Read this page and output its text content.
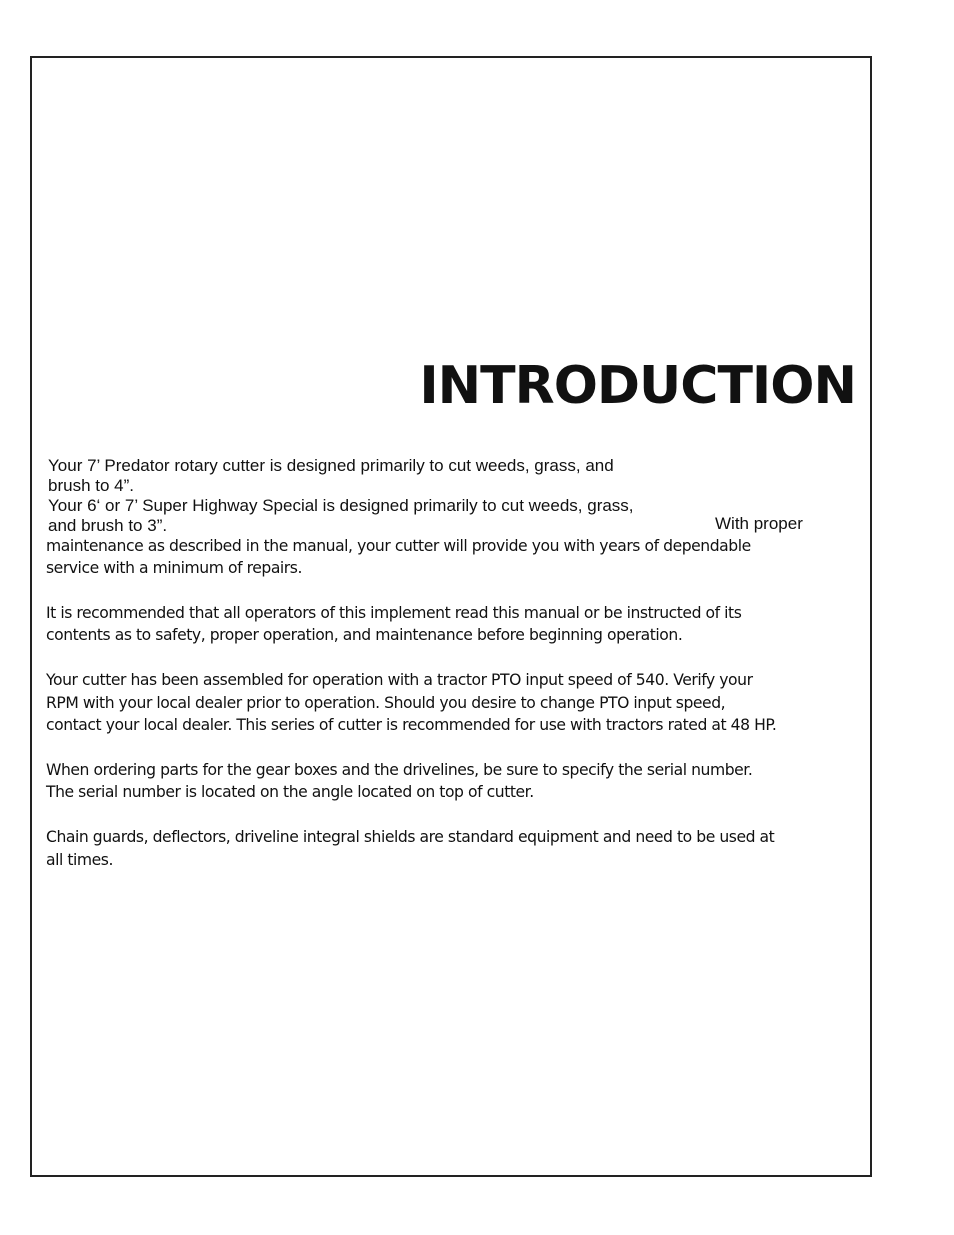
INTRODUCTION

Your 7’ Predator rotary cutter is designed primarily to cut weeds, grass, and

brush to 4”.

Your 6‘ or 7’ Super Highway Special is designed primarily to cut weeds, grass,

and brush to 3”.	With proper

maintenance as described in the manual, your cutter will provide you with years of dependable

service with a minimum of repairs.

It is recommended that all operators of this implement read this manual or be instructed of its

contents as to safety, proper operation, and maintenance before beginning operation.

Your cutter has been assembled for operation with a tractor PTO input speed of 540. Verify your

RPM with your local dealer prior to operation. Should you desire to change PTO input speed,

contact your local dealer. This series of cutter is recommended for use with tractors rated at 48 HP.

When ordering parts for the gear boxes and the drivelines, be sure to specify the serial number.

The serial number is located on the angle located on top of cutter.

Chain guards, deflectors, driveline integral shields are standard equipment and need to be used at

all times.
